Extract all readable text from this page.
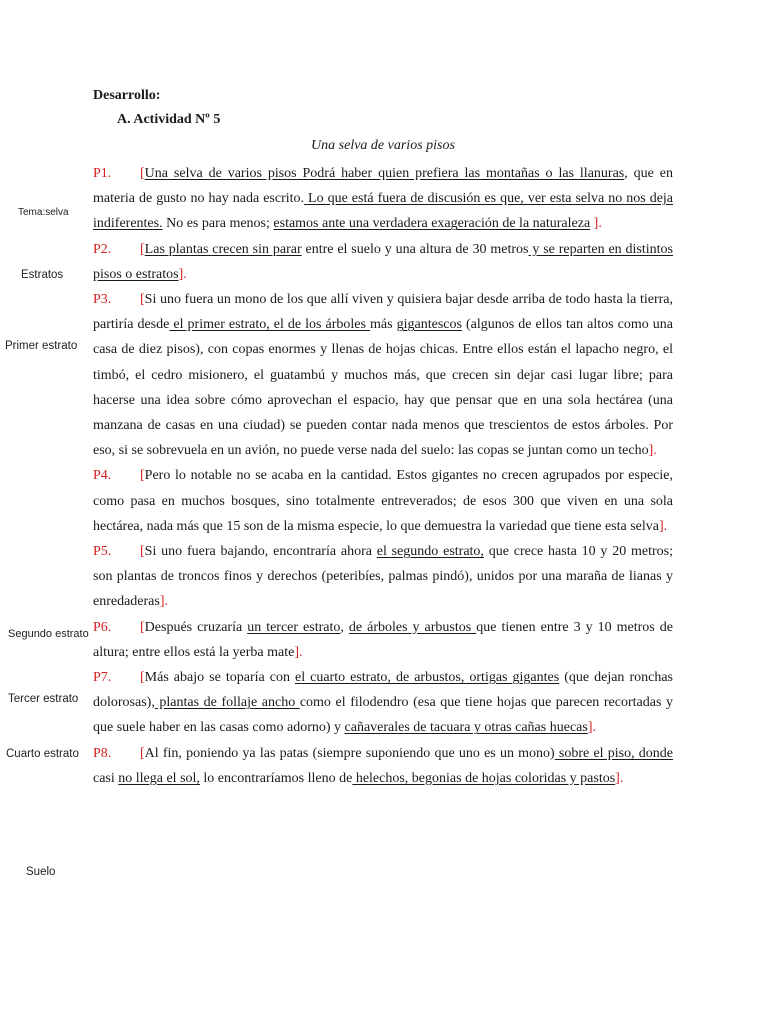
Tema:selva
Estratos
Primer estrato
Segundo estrato
Tercer estrato
Cuarto estrato
Suelo
Desarrollo:
A. Actividad Nº 5
Una selva de varios pisos

P1. [Una selva de varios pisos Podrá haber quien prefiera las montañas o las llanuras, que en materia de gusto no hay nada escrito. Lo que está fuera de discusión es que, ver esta selva no nos deja indiferentes. No es para menos; estamos ante una verdadera exageración de la naturaleza ].

P2. [Las plantas crecen sin parar entre el suelo y una altura de 30 metros y se reparten en distintos pisos o estratos].

P3. [Si uno fuera un mono de los que allí viven y quisiera bajar desde arriba de todo hasta la tierra, partiría desde el primer estrato, el de los árboles más gigantescos (algunos de ellos tan altos como una casa de diez pisos), con copas enormes y llenas de hojas chicas. Entre ellos están el lapacho negro, el timbó, el cedro misionero, el guatambú y muchos más, que crecen sin dejar casi lugar libre; para hacerse una idea sobre cómo aprovechan el espacio, hay que pensar que en una sola hectárea (una manzana de casas en una ciudad) se pueden contar nada menos que trescientos de estos árboles. Por eso, si se sobrevuela en un avión, no puede verse nada del suelo: las copas se juntan como un techo].

P4. [Pero lo notable no se acaba en la cantidad. Estos gigantes no crecen agrupados por especie, como pasa en muchos bosques, sino totalmente entreverados; de esos 300 que viven en una sola hectárea, nada más que 15 son de la misma especie, lo que demuestra la variedad que tiene esta selva].

P5. [Si uno fuera bajando, encontraría ahora el segundo estrato, que crece hasta 10 y 20 metros; son plantas de troncos finos y derechos (peteribíes, palmas pindó), unidos por una maraña de lianas y enredaderas].

P6. [Después cruzaría un tercer estrato, de árboles y arbustos que tienen entre 3 y 10 metros de altura; entre ellos está la yerba mate].

P7. [Más abajo se toparía con el cuarto estrato, de arbustos, ortigas gigantes (que dejan ronchas dolorosas), plantas de follaje ancho como el filodendro (esa que tiene hojas que parecen recortadas y que suele haber en las casas como adorno) y cañaverales de tacuara y otras cañas huecas].

P8. [Al fin, poniendo ya las patas (siempre suponiendo que uno es un mono) sobre el piso, donde casi no llega el sol, lo encontraríamos lleno de helechos, begonias de hojas coloridas y pastos].
